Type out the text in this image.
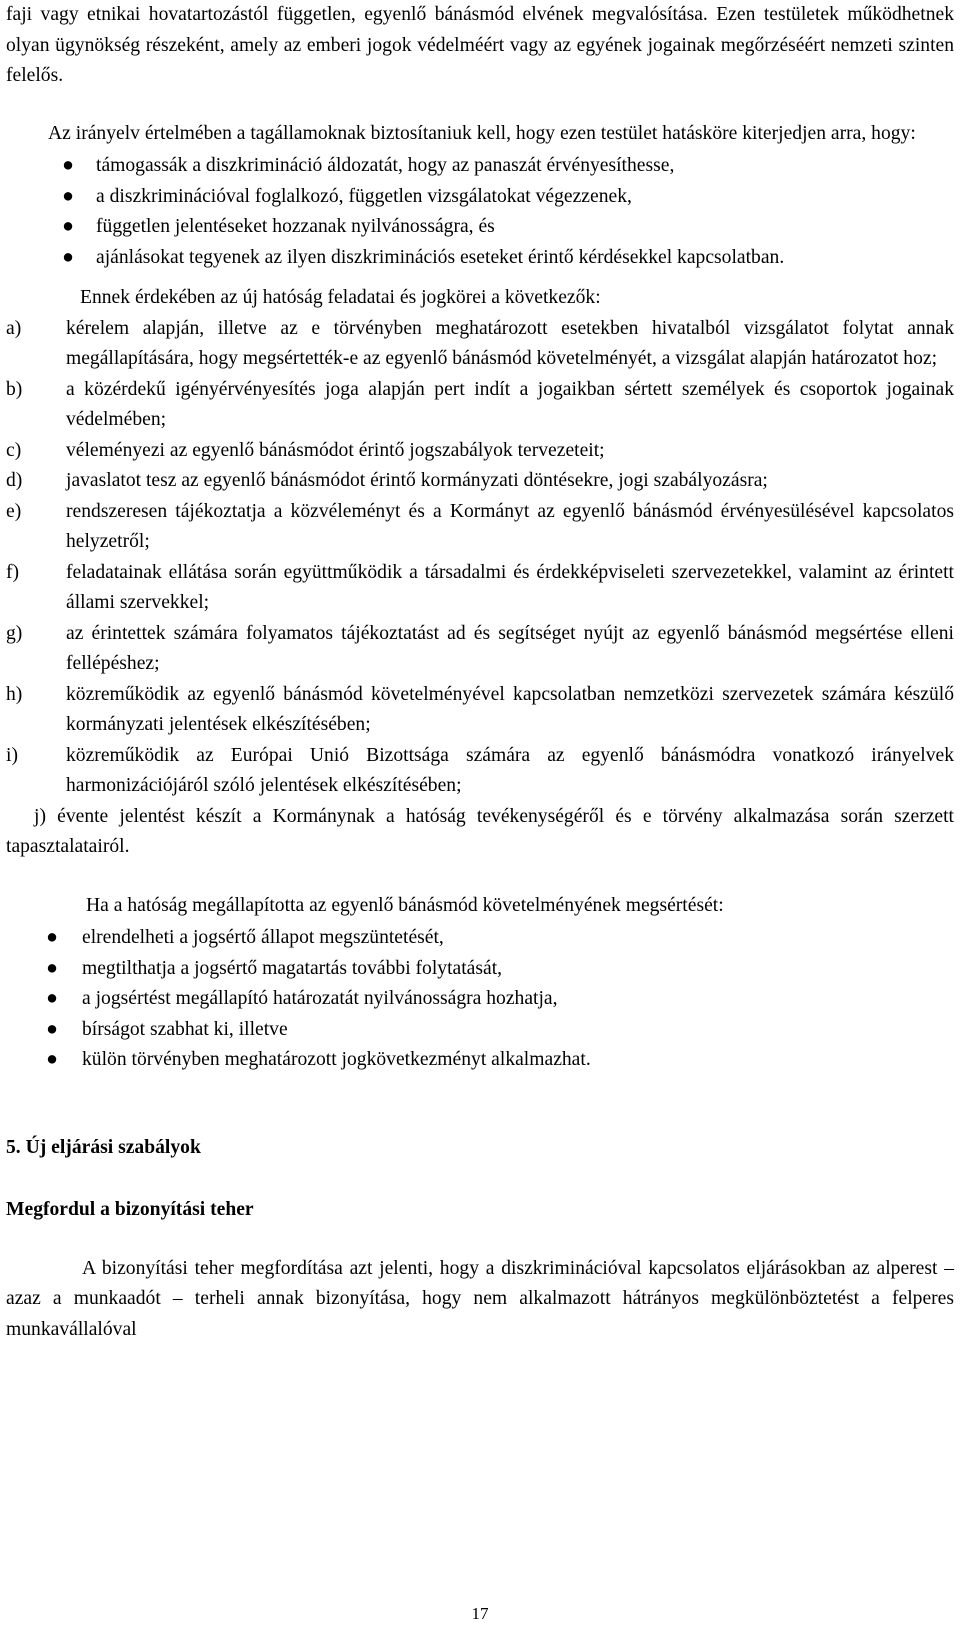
faji vagy etnikai hovatartozástól független, egyenlő bánásmód elvének megvalósítása. Ezen testületek működhetnek olyan ügynökség részeként, amely az emberi jogok védelméért vagy az egyének jogainak megőrzéséért nemzeti szinten felelős.

Az irányelv értelmében a tagállamoknak biztosítaniuk kell, hogy ezen testület hatásköre kiterjedjen arra, hogy:

● támogassák a diszkrimináció áldozatát, hogy az panaszát érvényesíthesse,
● a diszkriminációval foglalkozó, független vizsgálatokat végezzenek,
● független jelentéseket hozzanak nyilvánosságra, és
● ajánlásokat tegyenek az ilyen diszkriminációs eseteket érintő kérdésekkel kapcsolatban.

Ennek érdekében az új hatóság feladatai és jogkörei a következők:

a) kérelem alapján, illetve az e törvényben meghatározott esetekben hivatalból vizsgálatot folytat annak megállapítására, hogy megsértették-e az egyenlő bánásmód követelményét, a vizsgálat alapján határozatot hoz;
b) a közérdekű igényérvényesítés joga alapján pert indít a jogaikban sértett személyek és csoportok jogainak védelmében;
c) véleményezi az egyenlő bánásmódot érintő jogszabályok tervezeteit;
d) javaslatot tesz az egyenlő bánásmódot érintő kormányzati döntésekre, jogi szabályozásra;
e) rendszeresen tájékoztatja a közvéleményt és a Kormányt az egyenlő bánásmód érvényesülésével kapcsolatos helyzetről;
f) feladatainak ellátása során együttműködik a társadalmi és érdekképviseleti szervezetekkel, valamint az érintett állami szervekkel;
g) az érintettek számára folyamatos tájékoztatást ad és segítséget nyújt az egyenlő bánásmód megsértése elleni fellépéshez;
h) közreműködik az egyenlő bánásmód követelményével kapcsolatban nemzetközi szervezetek számára készülő kormányzati jelentések elkészítésében;
i) közreműködik az Európai Unió Bizottsága számára az egyenlő bánásmódra vonatkozó irányelvek harmonizációjáról szóló jelentések elkészítésében;

j) évente jelentést készít a Kormánynak a hatóság tevékenységéről és e törvény alkalmazása során szerzett tapasztalatairól.

Ha a hatóság megállapította az egyenlő bánásmód követelményének megsértését:

● elrendelheti a jogsértő állapot megszüntetését,
● megtilthatja a jogsértő magatartás további folytatását,
● a jogsértést megállapító határozatát nyilvánosságra hozhatja,
● bírságot szabhat ki, illetve
● külön törvényben meghatározott jogkövetkezményt alkalmazhat.
5. Új eljárási szabályok
Megfordul a bizonyítási teher

A bizonyítási teher megfordítása azt jelenti, hogy a diszkriminációval kapcsolatos eljárásokban az alperest – azaz a munkaadót – terheli annak bizonyítása, hogy nem alkalmazott hátrányos megkülönböztetést a felperes munkavállalóval

17
